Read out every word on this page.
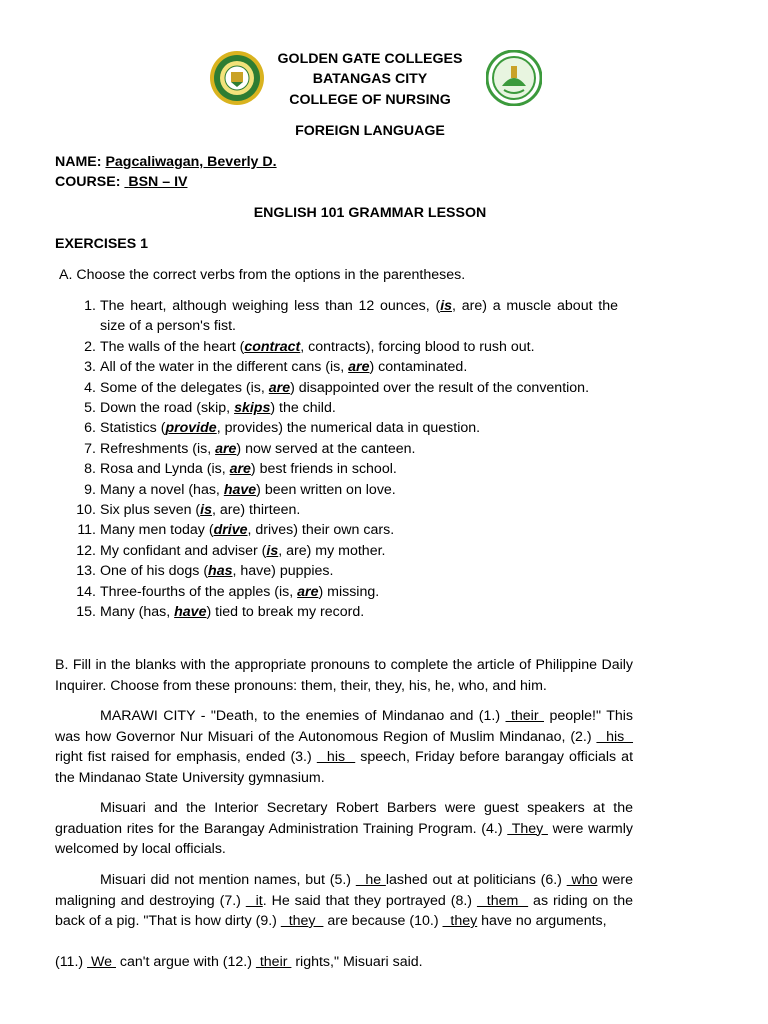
GOLDEN GATE COLLEGES
BATANGAS CITY
COLLEGE OF NURSING
FOREIGN LANGUAGE
NAME: Pagcaliwagan, Beverly D.
COURSE: BSN – IV
ENGLISH 101 GRAMMAR LESSON
EXERCISES 1
A. Choose the correct verbs from the options in the parentheses.
1. The heart, although weighing less than 12 ounces, (is, are) a muscle about the size of a person's fist.
2. The walls of the heart (contract, contracts), forcing blood to rush out.
3. All of the water in the different cans (is, are) contaminated.
4. Some of the delegates (is, are) disappointed over the result of the convention.
5. Down the road (skip, skips) the child.
6. Statistics (provide, provides) the numerical data in question.
7. Refreshments (is, are) now served at the canteen.
8. Rosa and Lynda (is, are) best friends in school.
9. Many a novel (has, have) been written on love.
10. Six plus seven (is, are) thirteen.
11. Many men today (drive, drives) their own cars.
12. My confidant and adviser (is, are) my mother.
13. One of his dogs (has, have) puppies.
14. Three-fourths of the apples (is, are) missing.
15. Many (has, have) tied to break my record.
B. Fill in the blanks with the appropriate pronouns to complete the article of Philippine Daily Inquirer. Choose from these pronouns: them, their, they, his, he, who, and him.
MARAWI CITY - "Death, to the enemies of Mindanao and (1.)  their  people!" This was how Governor Nur Misuari of the Autonomous Region of Muslim Mindanao, (2.)   his   right fist raised for emphasis, ended (3.)   his   speech, Friday before barangay officials at the Mindanao State University gymnasium.
Misuari and the Interior Secretary Robert Barbers were guest speakers at the graduation rites for the Barangay Administration Training Program. (4.)  They  were warmly welcomed by local officials.
Misuari did not mention names, but (5.)   he lashed out at politicians (6.)  who were maligning and destroying (7.)   it. He said that they portrayed (8.)   them   as riding on the back of a pig. "That is how dirty (9.)   they   are because (10.)   they have no arguments,
(11.)  We  can't argue with (12.)  their  rights," Misuari said.
